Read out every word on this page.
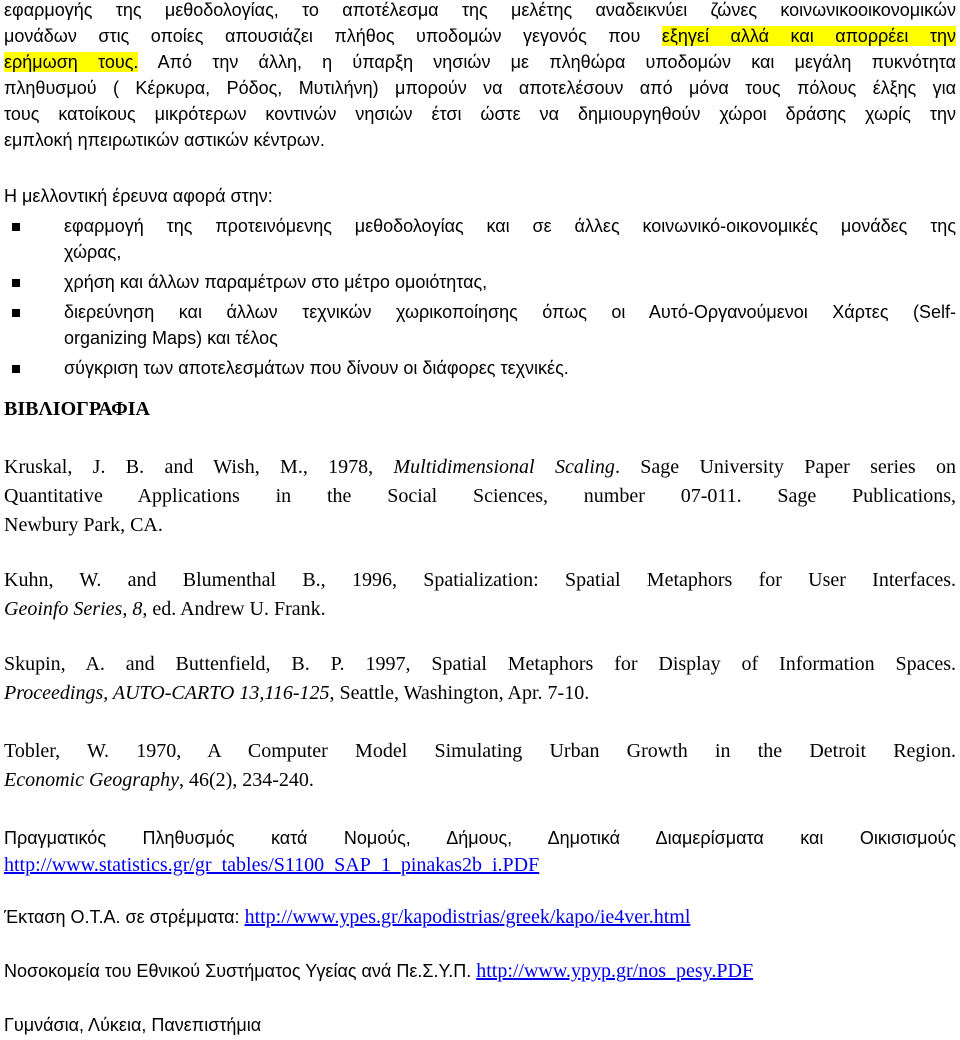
εφαρμογής της μεθοδολογίας, το αποτέλεσμα της μελέτης αναδεικνύει ζώνες κοινωνικοοικονομικών
μονάδων στις οποίες απουσιάζει πλήθος υποδομών γεγονός που εξηγεί αλλά και απορρέει την
ερήμωση τους. Από την άλλη, η ύπαρξη νησιών με πληθώρα υποδομών και μεγάλη πυκνότητα
πληθυσμού ( Κέρκυρα, Ρόδος, Μυτιλήνη) μπορούν να αποτελέσουν από μόνα τους πόλους έλξης για
τους κατοίκους μικρότερων κοντινών νησιών έτσι ώστε να δημιουργηθούν χώροι δράσης χωρίς την
εμπλοκή ηπειρωτικών αστικών κέντρων.
Η μελλοντική έρευνα αφορά στην:
εφαρμογή της προτεινόμενης μεθοδολογίας και σε άλλες κοινωνικό-οικονομικές μονάδες της
χώρας,
χρήση και άλλων παραμέτρων στο μέτρο ομοιότητας,
διερεύνηση και άλλων τεχνικών χωρικοποίησης όπως οι Αυτό-Οργανούμενοι Χάρτες (Self-
organizing Maps) και τέλος
σύγκριση των αποτελεσμάτων που δίνουν οι διάφορες τεχνικές.
ΒΙΒΛΙΟΓΡΑΦΙΑ
Kruskal, J. B. and Wish, M., 1978, Multidimensional Scaling. Sage University Paper series on
Quantitative Applications in the Social Sciences, number 07-011. Sage Publications,
Newbury Park, CA.
Kuhn, W. and Blumenthal B., 1996, Spatialization: Spatial Metaphors for User Interfaces.
Geoinfo Series, 8, ed. Andrew U. Frank.
Skupin, A. and Buttenfield, B. P. 1997, Spatial Metaphors for Display of Information Spaces.
Proceedings, AUTO-CARTO 13,116-125, Seattle, Washington, Apr. 7-10.
Tobler, W. 1970, A Computer Model Simulating Urban Growth in the Detroit Region.
Economic Geography, 46(2), 234-240.
Πραγματικός Πληθυσμός κατά Νομούς, Δήμους, Δημοτικά Διαμερίσματα και Οικισισμούς
http://www.statistics.gr/gr_tables/S1100_SAP_1_pinakas2b_i.PDF
Έκταση Ο.Τ.Α. σε στρέμματα: http://www.ypes.gr/kapodistrias/greek/kapo/ie4ver.html
Νοσοκομεία του Εθνικού Συστήματος Υγείας ανά Πε.Σ.Υ.Π. http://www.ypyp.gr/nos_pesy.PDF
Γυμνάσια, Λύκεια, Πανεπιστήμια
